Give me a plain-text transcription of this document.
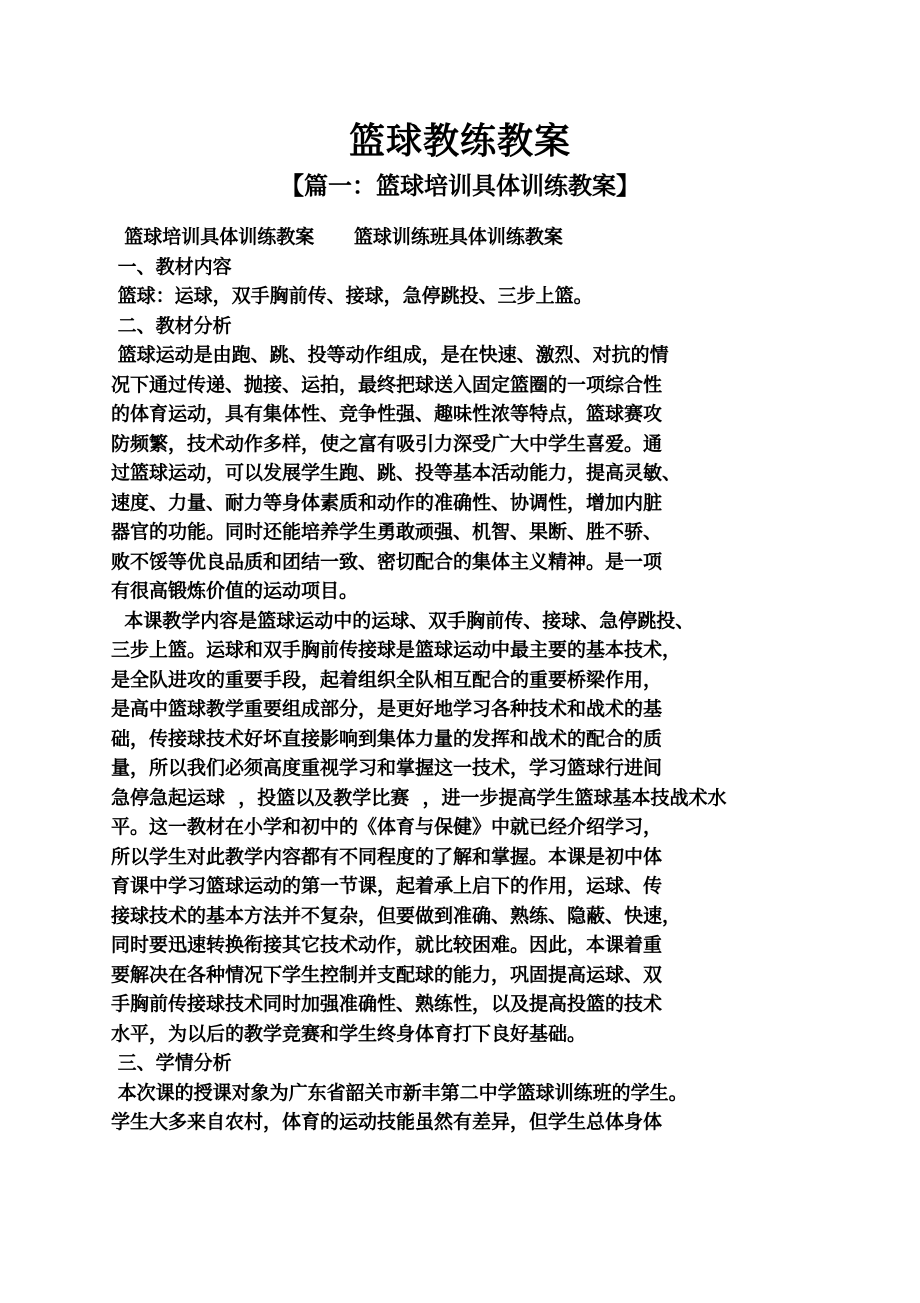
篮球教练教案
【篇一：篮球培训具体训练教案】
篮球培训具体训练教案      篮球训练班具体训练教案
一、教材内容
篮球：运球，双手胸前传、接球，急停跳投、三步上篮。
二、教材分析
篮球运动是由跑、跳、投等动作组成，是在快速、激烈、对抗的情
况下通过传递、抛接、运拍，最终把球送入固定篮圈的一项综合性
的体育运动，具有集体性、竞争性强、趣味性浓等特点，篮球赛攻
防频繁，技术动作多样，使之富有吸引力深受广大中学生喜爱。通
过篮球运动，可以发展学生跑、跳、投等基本活动能力，提高灵敏、
速度、力量、耐力等身体素质和动作的准确性、协调性，增加内脏
器官的功能。同时还能培养学生勇敢顽强、机智、果断、胜不骄、
败不馁等优良品质和团结一致、密切配合的集体主义精神。是一项
有很高锻炼价值的运动项目。
本课教学内容是篮球运动中的运球、双手胸前传、接球、急停跳投、
三步上篮。运球和双手胸前传接球是篮球运动中最主要的基本技术，
是全队进攻的重要手段，起着组织全队相互配合的重要桥梁作用，
是高中篮球教学重要组成部分，是更好地学习各种技术和战术的基
础，传接球技术好坏直接影响到集体力量的发挥和战术的配合的质
量，所以我们必须高度重视学习和掌握这一技术，学习篮球行进间
急停急起运球  ，投篮以及教学比赛  ，进一步提高学生篮球基本技战术水
平。这一教材在小学和初中的《体育与保健》中就已经介绍学习，
所以学生对此教学内容都有不同程度的了解和掌握。本课是初中体
育课中学习篮球运动的第一节课，起着承上启下的作用，运球、传
接球技术的基本方法并不复杂，但要做到准确、熟练、隐蔽、快速，
同时要迅速转换衔接其它技术动作，就比较困难。因此，本课着重
要解决在各种情况下学生控制并支配球的能力，巩固提高运球、双
手胸前传接球技术同时加强准确性、熟练性，以及提高投篮的技术
水平，为以后的教学竞赛和学生终身体育打下良好基础。
三、学情分析
本次课的授课对象为广东省韶关市新丰第二中学篮球训练班的学生。
学生大多来自农村，体育的运动技能虽然有差异，但学生总体身体
